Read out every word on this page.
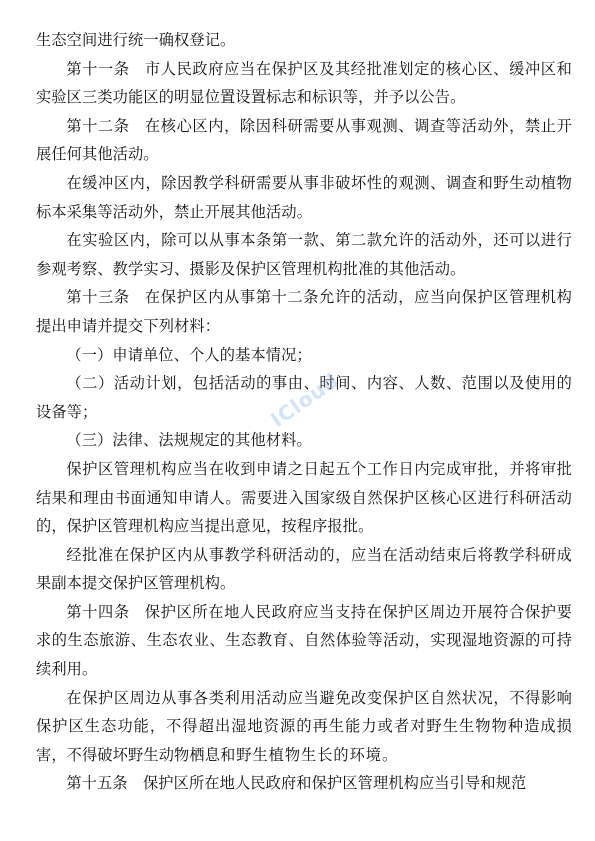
生态空间进行统一确权登记。

第十一条 市人民政府应当在保护区及其经批准划定的核心区、缓冲区和实验区三类功能区的明显位置设置标志和标识等，并予以公告。

第十二条 在核心区内，除因科研需要从事观测、调查等活动外，禁止开展任何其他活动。

在缓冲区内，除因教学科研需要从事非破坏性的观测、调查和野生动植物标本采集等活动外，禁止开展其他活动。

在实验区内，除可以从事本条第一款、第二款允许的活动外，还可以进行参观考察、教学实习、摄影及保护区管理机构批准的其他活动。

第十三条 在保护区内从事第十二条允许的活动，应当向保护区管理机构提出申请并提交下列材料：

（一）申请单位、个人的基本情况；

（二）活动计划，包括活动的事由、时间、内容、人数、范围以及使用的设备等；

（三）法律、法规规定的其他材料。

保护区管理机构应当在收到申请之日起五个工作日内完成审批，并将审批结果和理由书面通知申请人。需要进入国家级自然保护区核心区进行科研活动的，保护区管理机构应当提出意见，按程序报批。

经批准在保护区内从事教学科研活动的，应当在活动结束后将教学科研成果副本提交保护区管理机构。

第十四条 保护区所在地人民政府应当支持在保护区周边开展符合保护要求的生态旅游、生态农业、生态教育、自然体验等活动，实现湿地资源的可持续利用。

在保护区周边从事各类利用活动应当避免改变保护区自然状况，不得影响保护区生态功能，不得超出湿地资源的再生能力或者对野生生物物种造成损害，不得破坏野生动物栖息和野生植物生长的环境。

第十五条 保护区所在地人民政府和保护区管理机构应当引导和规范

ICloud
